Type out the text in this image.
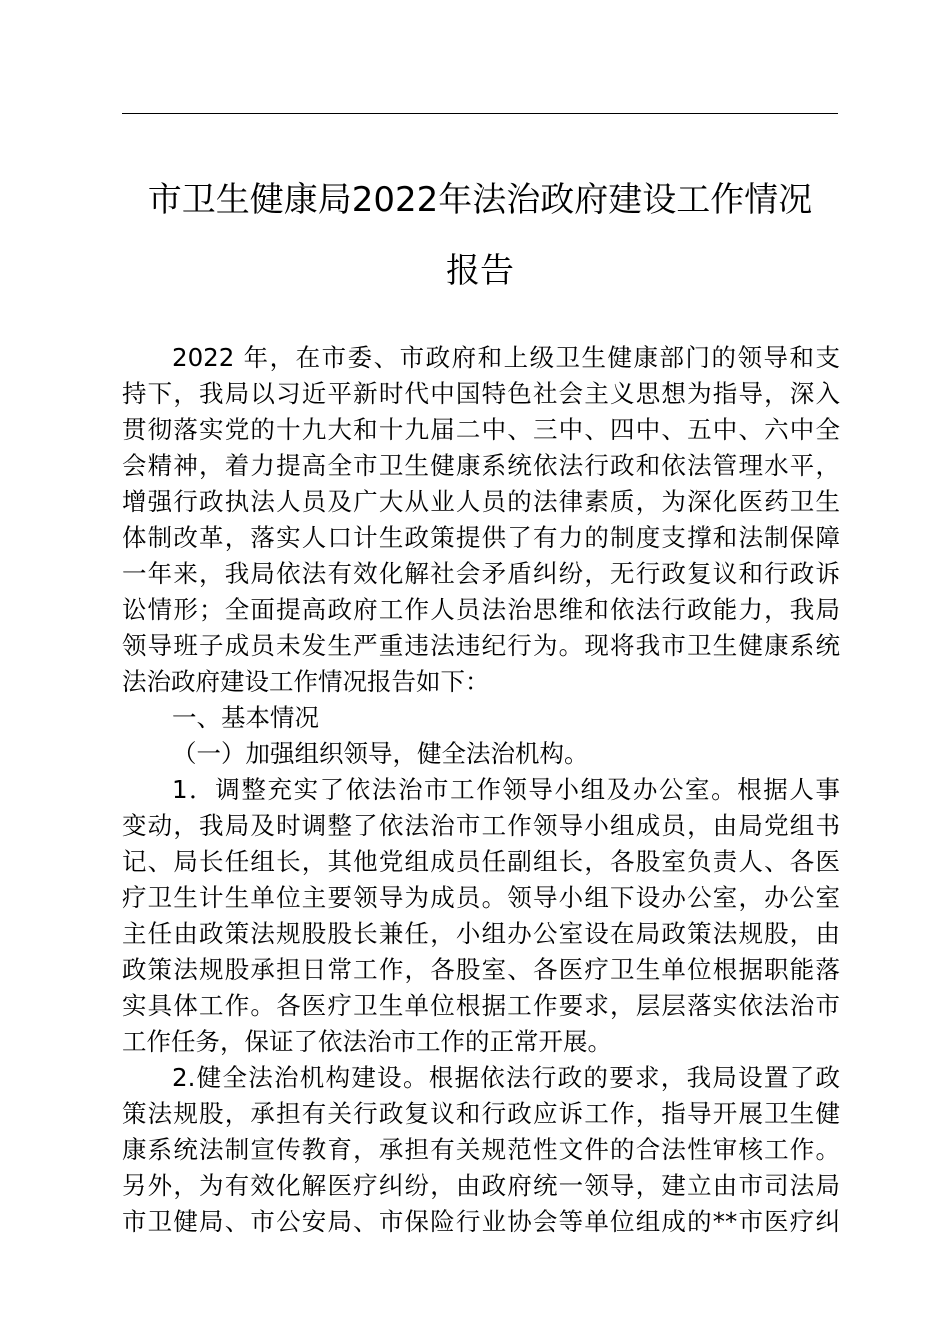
市卫生健康局2022年法治政府建设工作情况
报告
2022 年，在市委、市政府和上级卫生健康部门的领导和支
持下，我局以习近平新时代中国特色社会主义思想为指导，深入
贯彻落实党的十九大和十九届二中、三中、四中、五中、六中全
会精神，着力提高全市卫生健康系统依法行政和依法管理水平，
增强行政执法人员及广大从业人员的法律素质，为深化医药卫生
体制改革，落实人口计生政策提供了有力的制度支撑和法制保障
一年来，我局依法有效化解社会矛盾纠纷，无行政复议和行政诉
讼情形；全面提高政府工作人员法治思维和依法行政能力，我局
领导班子成员未发生严重违法违纪行为。现将我市卫生健康系统
法治政府建设工作情况报告如下：
一、基本情况
（一）加强组织领导，健全法治机构。
1．调整充实了依法治市工作领导小组及办公室。根据人事
变动，我局及时调整了依法治市工作领导小组成员，由局党组书
记、局长任组长，其他党组成员任副组长，各股室负责人、各医
疗卫生计生单位主要领导为成员。领导小组下设办公室，办公室
主任由政策法规股股长兼任，小组办公室设在局政策法规股，由
政策法规股承担日常工作，各股室、各医疗卫生单位根据职能落
实具体工作。各医疗卫生单位根据工作要求，层层落实依法治市
工作任务，保证了依法治市工作的正常开展。
2.健全法治机构建设。根据依法行政的要求，我局设置了政
策法规股，承担有关行政复议和行政应诉工作，指导开展卫生健
康系统法制宣传教育，承担有关规范性文件的合法性审核工作。
另外，为有效化解医疗纠纷，由政府统一领导，建立由市司法局
市卫健局、市公安局、市保险行业协会等单位组成的**市医疗纠
